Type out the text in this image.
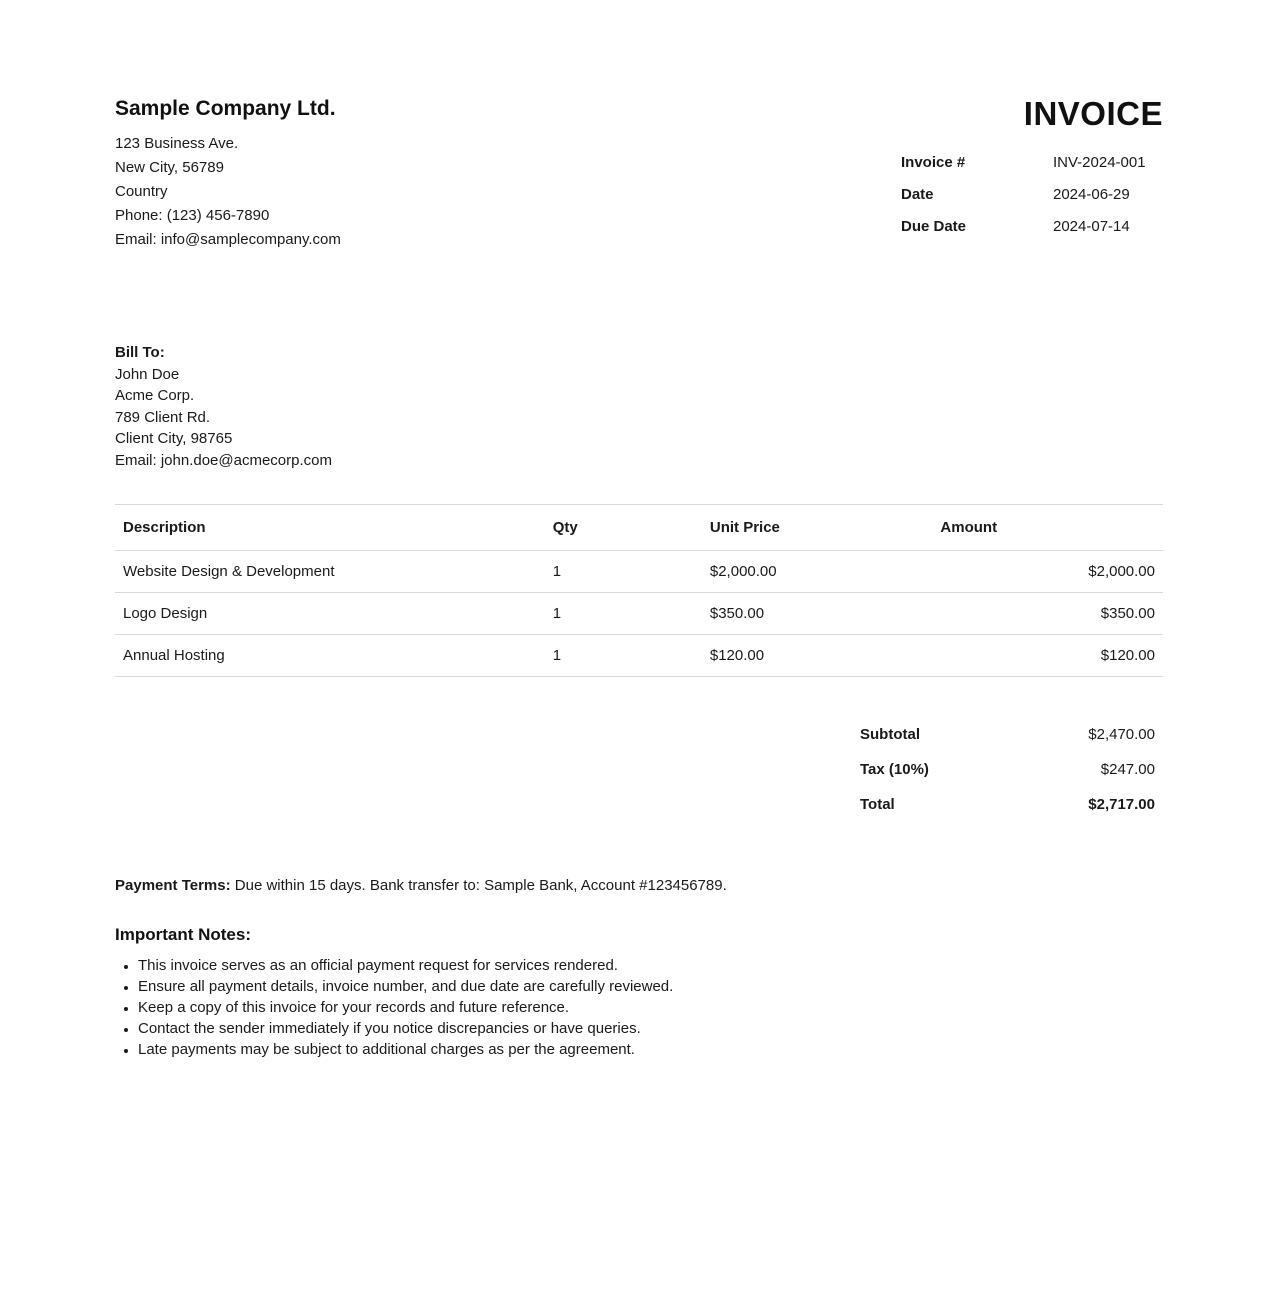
Sample Company Ltd.
123 Business Ave.
New City, 56789
Country
Phone: (123) 456-7890
Email: info@samplecompany.com
INVOICE
Invoice #	INV-2024-001
Date	2024-06-29
Due Date	2024-07-14
Bill To:
John Doe
Acme Corp.
789 Client Rd.
Client City, 98765
Email: john.doe@acmecorp.com
Description	Qty	Unit Price	Amount
Website Design & Development	1	$2,000.00	$2,000.00
Logo Design	1	$350.00	$350.00
Annual Hosting	1	$120.00	$120.00
Subtotal	$2,470.00
Tax (10%)	$247.00
Total	$2,717.00

Payment Terms: Due within 15 days. Bank transfer to: Sample Bank, Account #123456789.

Important Notes:
• This invoice serves as an official payment request for services rendered.
• Ensure all payment details, invoice number, and due date are carefully reviewed.
• Keep a copy of this invoice for your records and future reference.
• Contact the sender immediately if you notice discrepancies or have queries.
• Late payments may be subject to additional charges as per the agreement.
